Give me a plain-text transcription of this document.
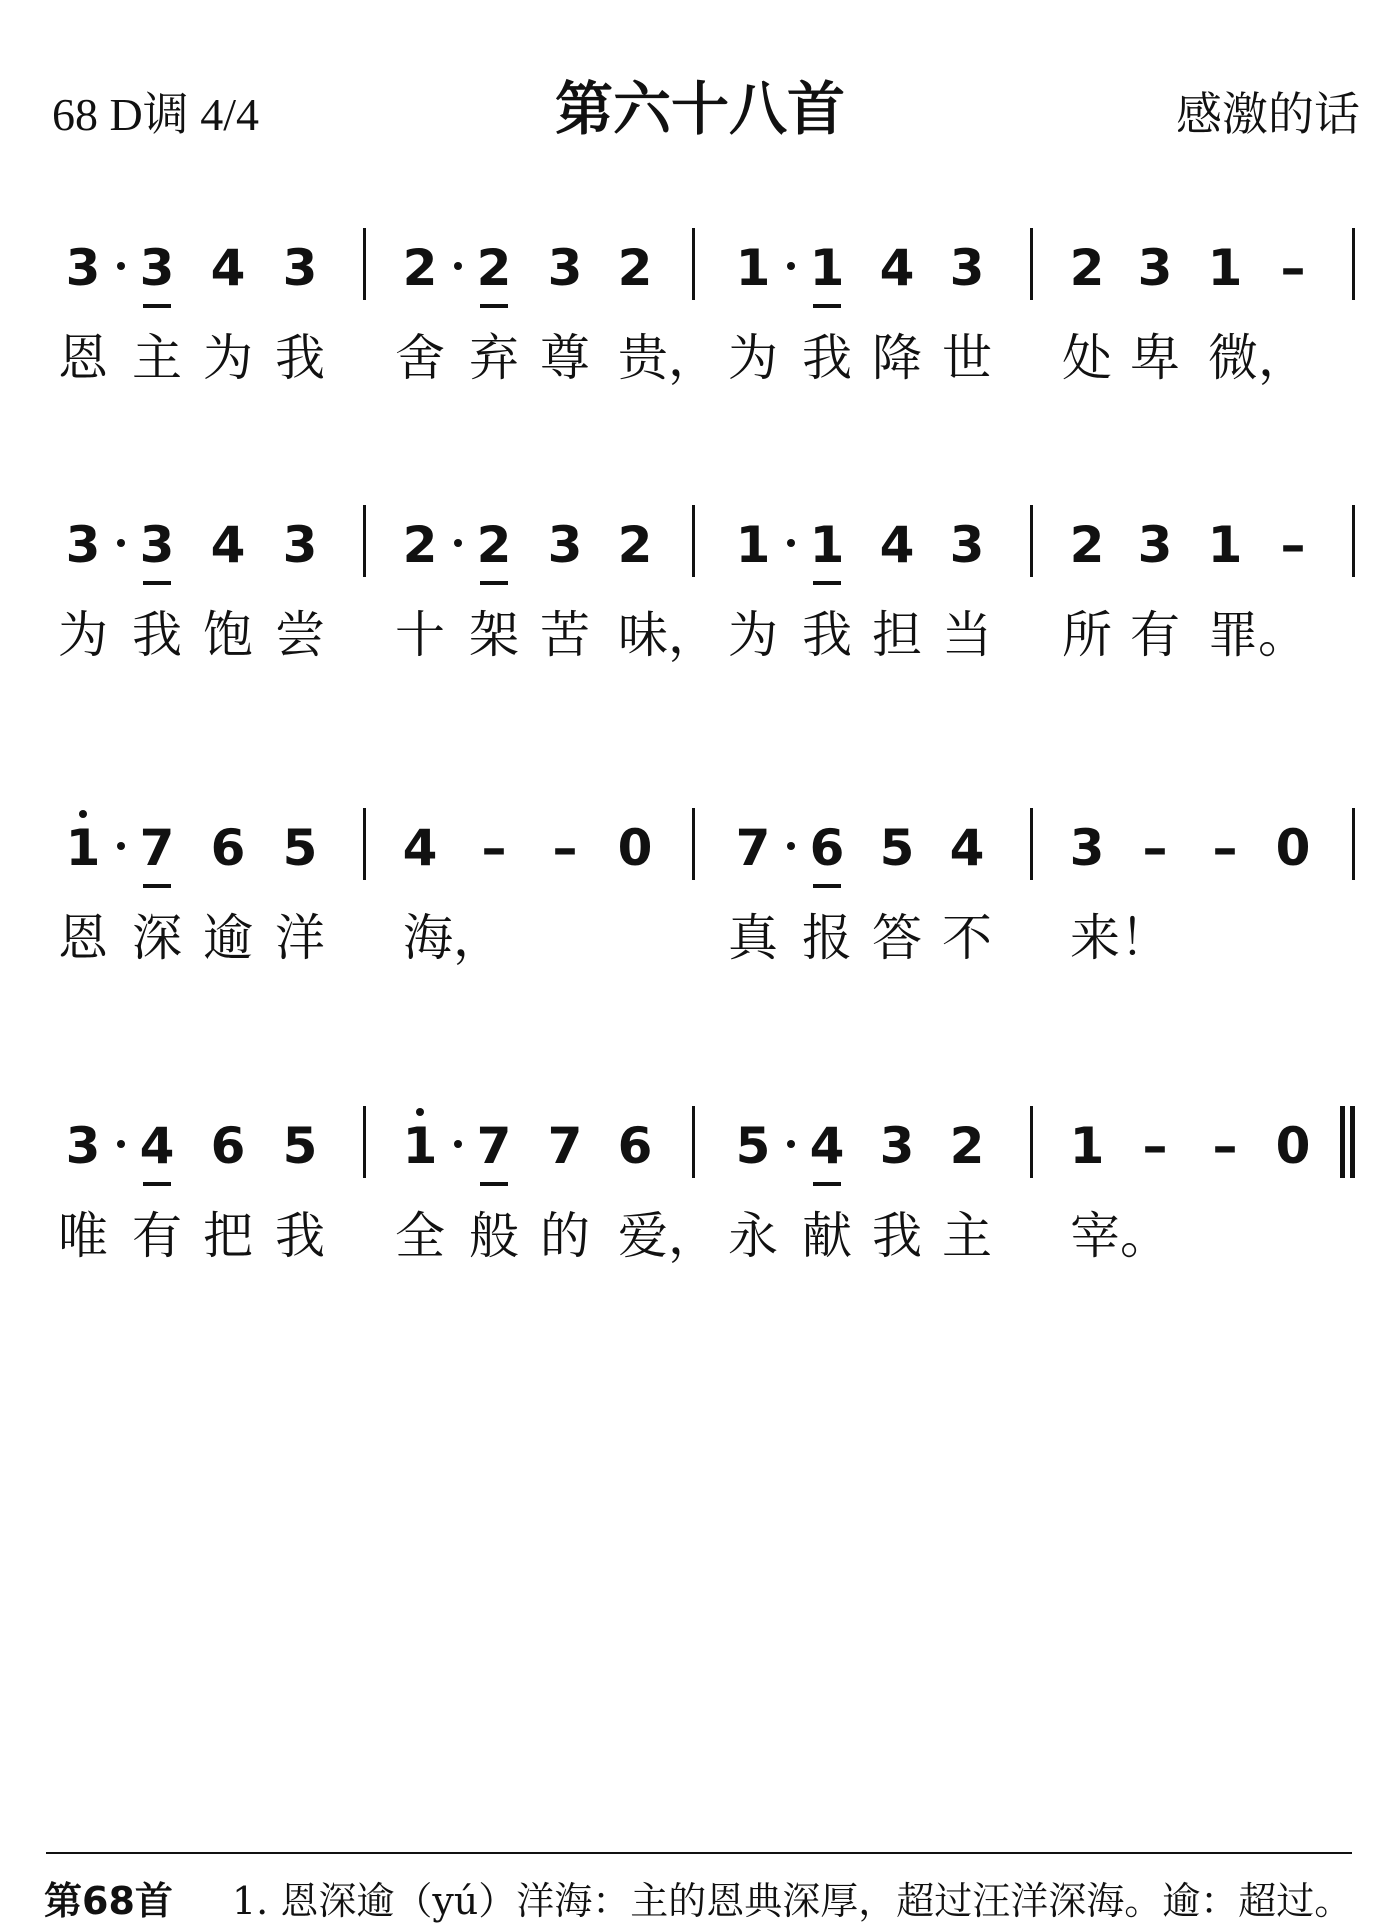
68 D调 4/4	第六十八首	感激的话
3 3 4 3 2 2 3 2 1 1 4 3 2 3 1 –
恩 主 为 我 舍 弃 尊 贵， 为 我 降 世 处 卑 微，
3 3 4 3 2 2 3 2 1 1 4 3 2 3 1 –
为 我 饱 尝 十 架 苦 味， 为 我 担 当 所 有 罪。
1 7 6 5 4 – – 0 7 6 5 4 3 – – 0
恩 深 逾 洋 海，	真 报 答 不 来！
3 4 6 5 1 7 7 6 5 4 3 2 1 – – 0
唯 有 把 我 全 般 的 爱， 永 献 我 主 宰。
第68首 1. 恩深逾（yú）洋海：主的恩典深厚，超过汪洋深海。逾：超过。
